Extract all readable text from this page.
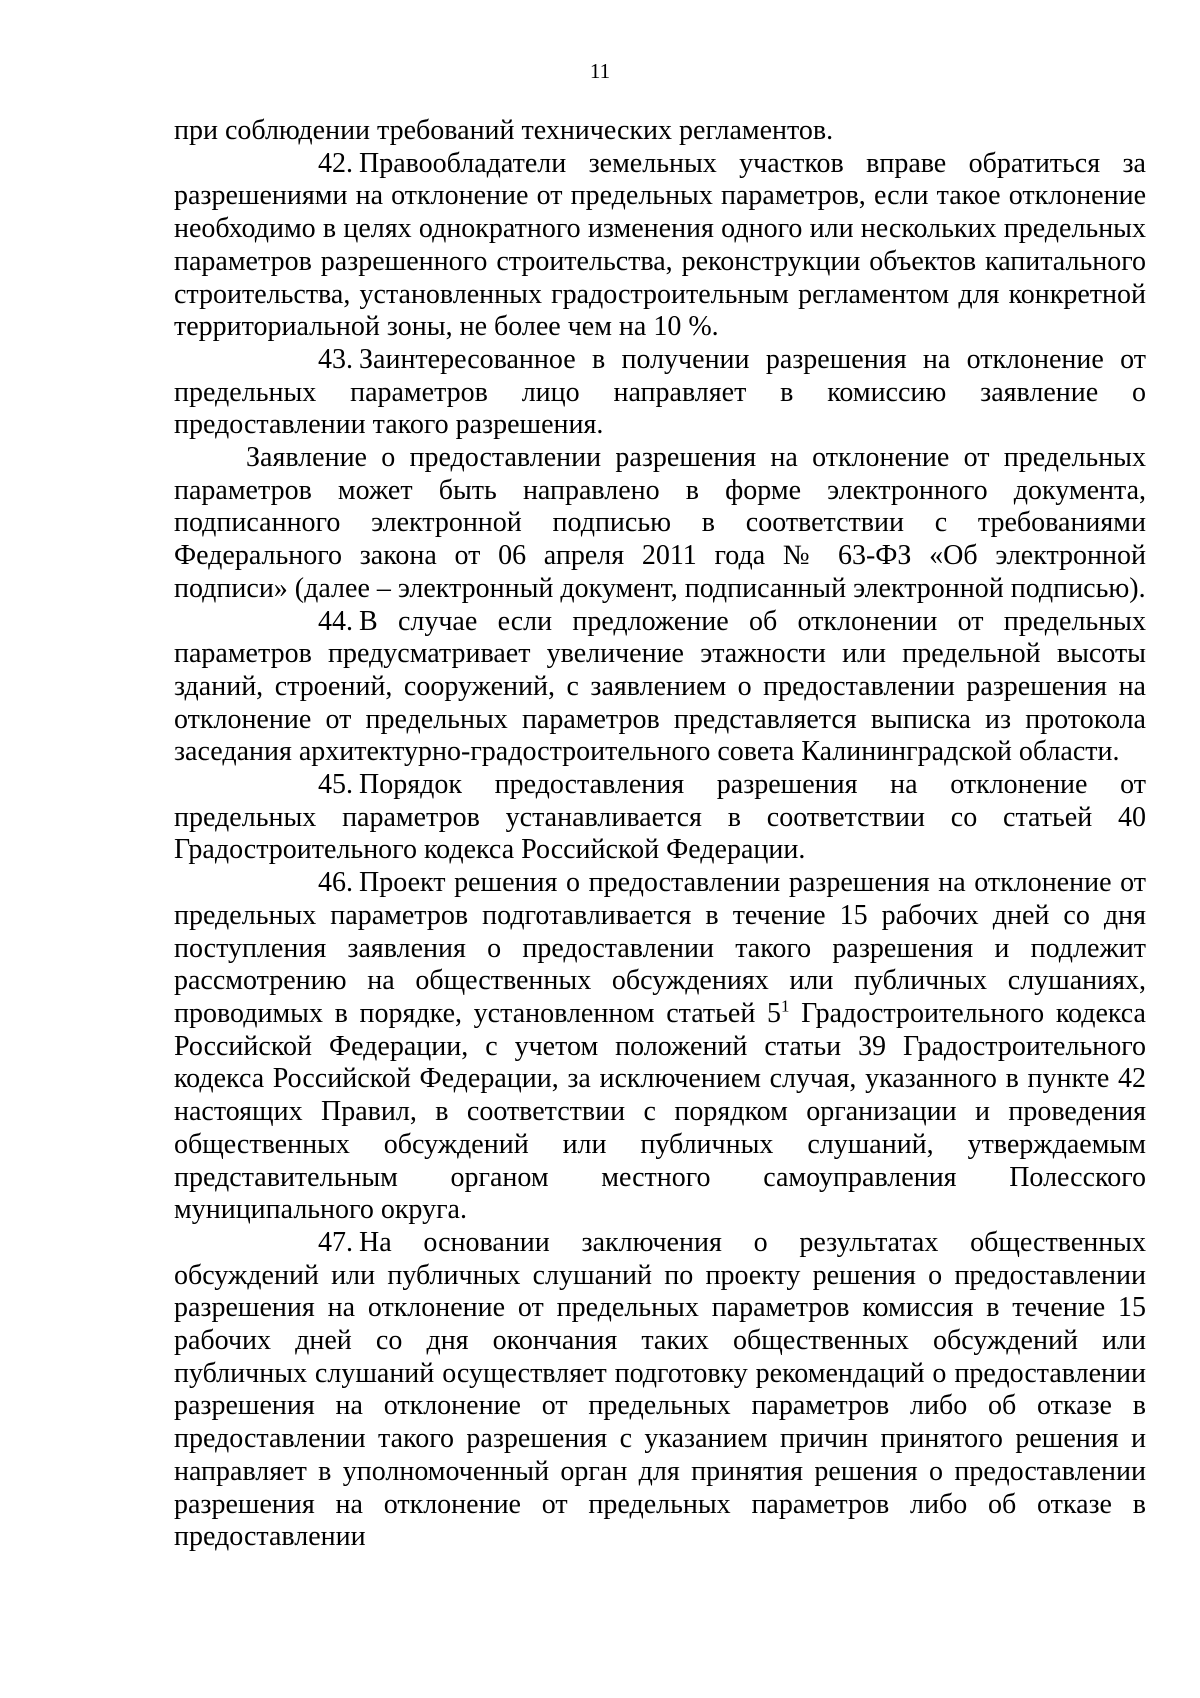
11

при соблюдении требований технических регламентов.

42. Правообладатели земельных участков вправе обратиться за разрешениями на отклонение от предельных параметров, если такое отклонение необходимо в целях однократного изменения одного или нескольких предельных параметров разрешенного строительства, реконструкции объектов капитального строительства, установленных градостроительным регламентом для конкретной территориальной зоны, не более чем на 10 %.

43. Заинтересованное в получении разрешения на отклонение от предельных параметров лицо направляет в комиссию заявление о предоставлении такого разрешения.

Заявление о предоставлении разрешения на отклонение от предельных параметров может быть направлено в форме электронного документа, подписанного электронной подписью в соответствии с требованиями Федерального закона от 06 апреля 2011 года № 63-ФЗ «Об электронной подписи» (далее – электронный документ, подписанный электронной подписью).

44. В случае если предложение об отклонении от предельных параметров предусматривает увеличение этажности или предельной высоты зданий, строений, сооружений, с заявлением о предоставлении разрешения на отклонение от предельных параметров представляется выписка из протокола заседания архитектурно-градостроительного совета Калининградской области.

45. Порядок предоставления разрешения на отклонение от предельных параметров устанавливается в соответствии со статьей 40 Градостроительного кодекса Российской Федерации.

46. Проект решения о предоставлении разрешения на отклонение от предельных параметров подготавливается в течение 15 рабочих дней со дня поступления заявления о предоставлении такого разрешения и подлежит рассмотрению на общественных обсуждениях или публичных слушаниях, проводимых в порядке, установленном статьей $5^1$ Градостроительного кодекса Российской Федерации, с учетом положений статьи 39 Градостроительного кодекса Российской Федерации, за исключением случая, указанного в пункте 42 настоящих Правил, в соответствии с порядком организации и проведения общественных обсуждений или публичных слушаний, утверждаемым представительным органом местного самоуправления Полесского муниципального округа.

47. На основании заключения о результатах общественных обсуждений или публичных слушаний по проекту решения о предоставлении разрешения на отклонение от предельных параметров комиссия в течение 15 рабочих дней со дня окончания таких общественных обсуждений или публичных слушаний осуществляет подготовку рекомендаций о предоставлении разрешения на отклонение от предельных параметров либо об отказе в предоставлении такого разрешения с указанием причин принятого решения и направляет в уполномоченный орган для принятия решения о предоставлении разрешения на отклонение от предельных параметров либо об отказе в предоставлении
